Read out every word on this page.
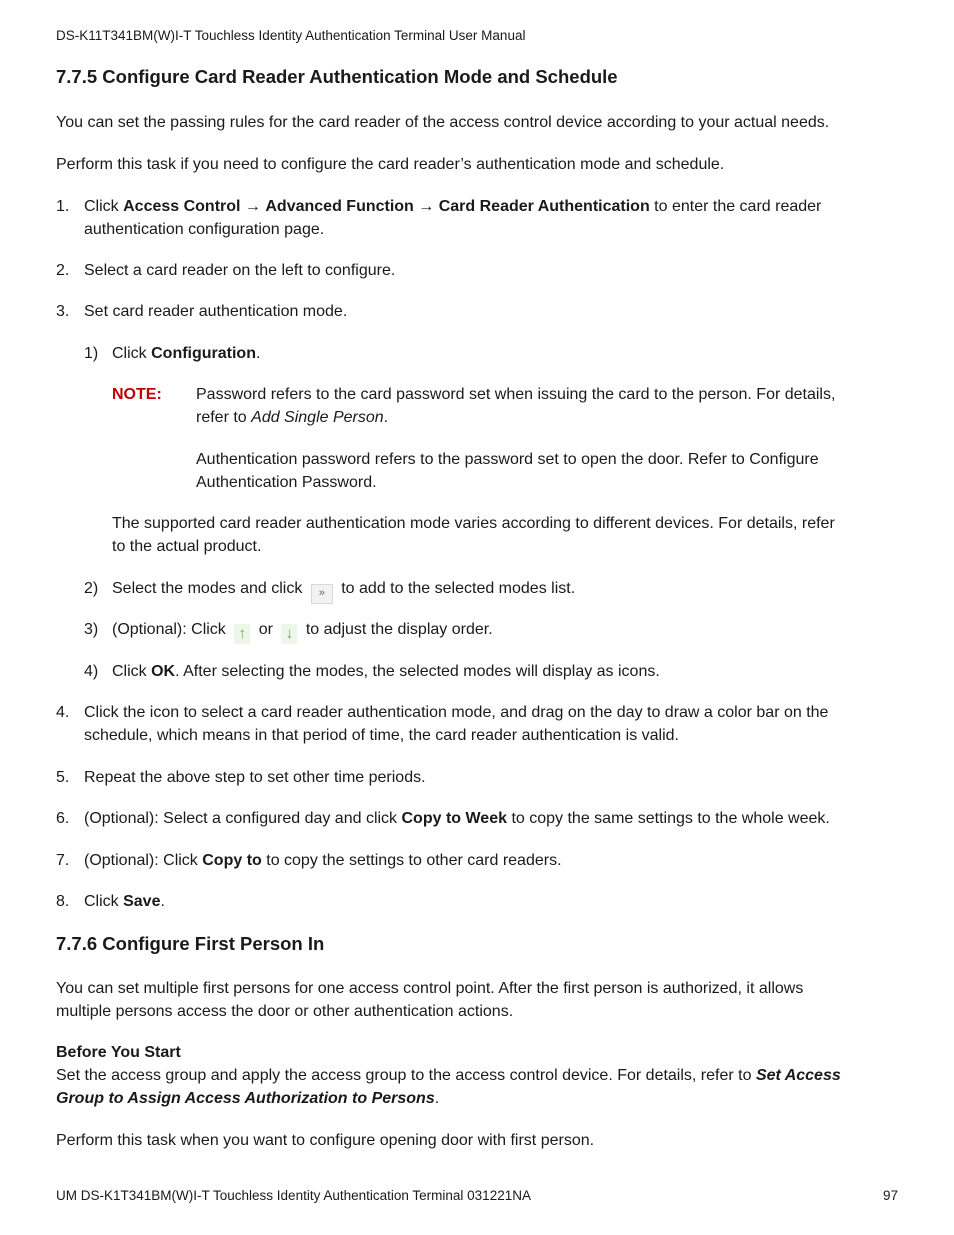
DS-K11T341BM(W)I-T Touchless Identity Authentication Terminal User Manual
7.7.5 Configure Card Reader Authentication Mode and Schedule
You can set the passing rules for the card reader of the access control device according to your actual needs.
Perform this task if you need to configure the card reader’s authentication mode and schedule.
1. Click Access Control → Advanced Function → Card Reader Authentication to enter the card reader
authentication configuration page.
2. Select a card reader on the left to configure.
3. Set card reader authentication mode.
1) Click Configuration.
NOTE: Password refers to the card password set when issuing the card to the person. For details,
refer to Add Single Person.
Authentication password refers to the password set to open the door. Refer to Configure
Authentication Password.
The supported card reader authentication mode varies according to different devices. For details, refer
to the actual product.
2) Select the modes and click » to add to the selected modes list.
3) (Optional): Click ↑ or ↓ to adjust the display order.
4) Click OK. After selecting the modes, the selected modes will display as icons.
4. Click the icon to select a card reader authentication mode, and drag on the day to draw a color bar on the
schedule, which means in that period of time, the card reader authentication is valid.
5. Repeat the above step to set other time periods.
6. (Optional): Select a configured day and click Copy to Week to copy the same settings to the whole week.
7. (Optional): Click Copy to to copy the settings to other card readers.
8. Click Save.
7.7.6 Configure First Person In
You can set multiple first persons for one access control point. After the first person is authorized, it allows
multiple persons access the door or other authentication actions.
Before You Start
Set the access group and apply the access group to the access control device. For details, refer to Set Access
Group to Assign Access Authorization to Persons.
Perform this task when you want to configure opening door with first person.
UM DS-K1T341BM(W)I-T Touchless Identity Authentication Terminal 031221NA	97
